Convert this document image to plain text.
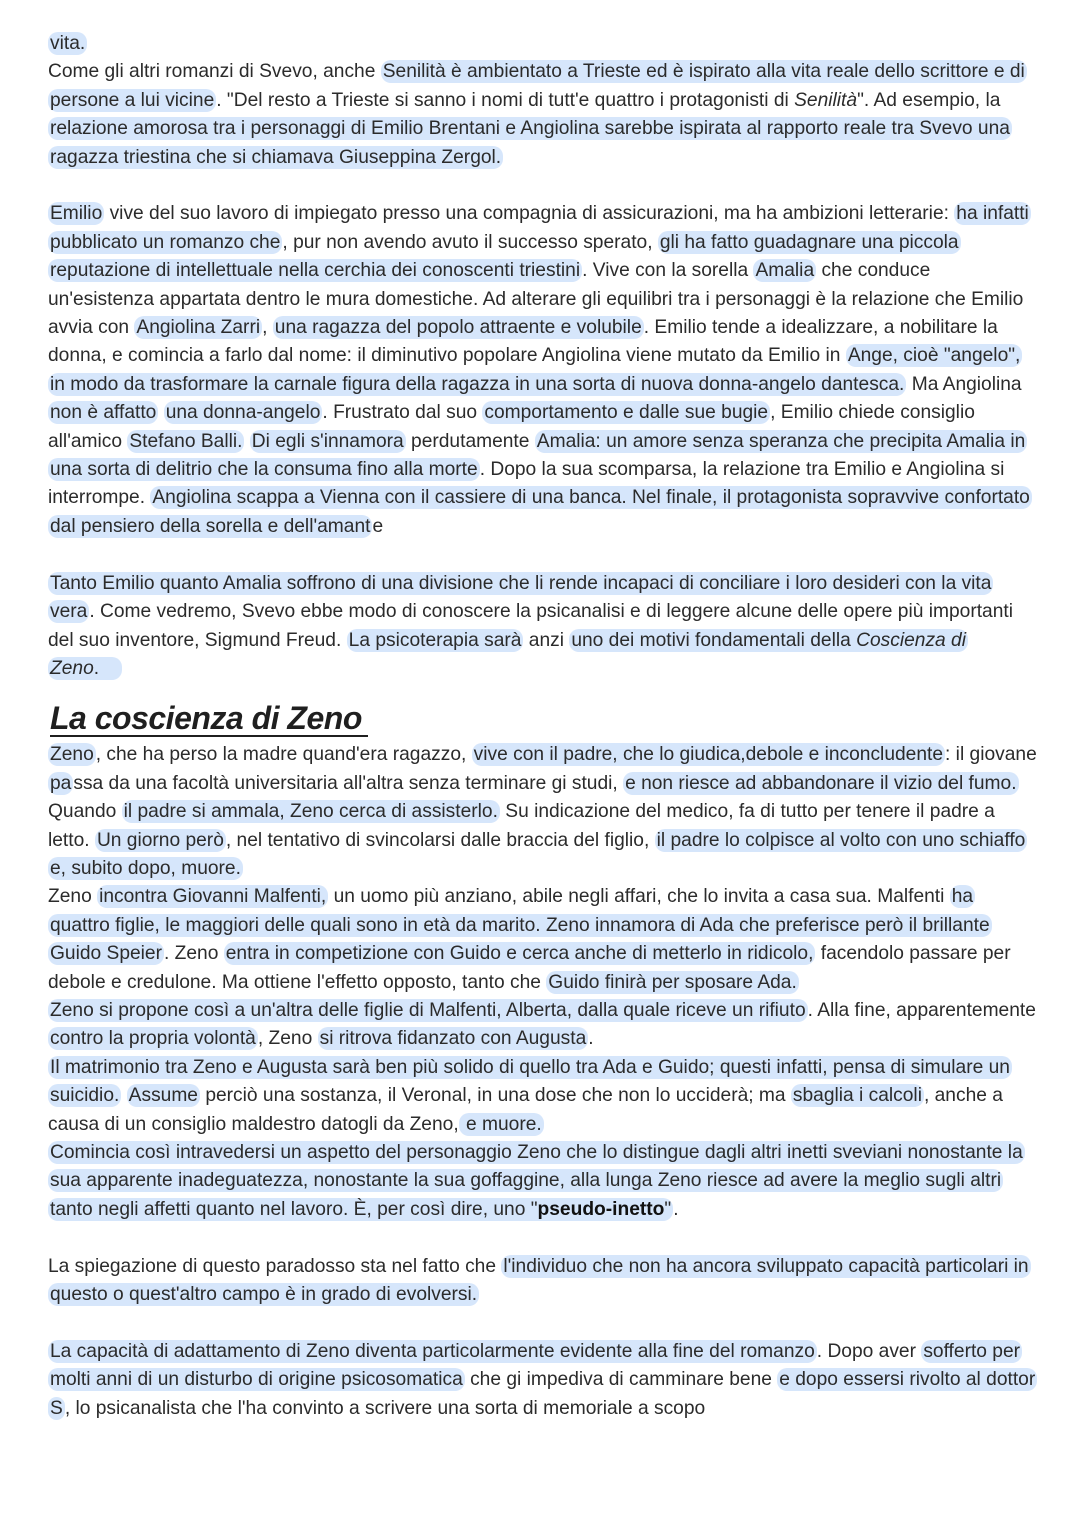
vita.
Come gli altri romanzi di Svevo, anche Senilità è ambientato a Trieste ed è ispirato alla vita reale dello scrittore e di persone a lui vicine . "Del resto a Trieste si sanno i nomi di tutt'e quattro i protagonisti di Senilità". Ad esempio, la relazione amorosa tra i personaggi di Emilio Brentani e Angiolina sarebbe ispirata al rapporto reale tra Svevo una ragazza triestina che si chiamava Giuseppina Zergol.

Emilio vive del suo lavoro di impiegato presso una compagnia di assicurazioni, ma ha ambizioni letterarie: ha infatti pubblicato un romanzo che , pur non avendo avuto il successo sperato, gli ha fatto guadagnare una piccola reputazione di intellettuale nella cerchia dei conoscenti triestini . Vive con la sorella Amalia che conduce un'esistenza appartata dentro le mura domestiche. Ad alterare gli equilibri tra i personaggi è la relazione che Emilio avvia con Angiolina Zarri , una ragazza del popolo attraente e volubile . Emilio tende a idealizzare, a nobilitare la donna, e comincia a farlo dal nome: il diminutivo popolare Angiolina viene mutato da Emilio in Ange, cioè "angelo", in modo da trasformare la carnale figura della ragazza in una sorta di nuova donna-angelo dantesca. Ma Angiolina non è affatto una donna-angelo . Frustrato dal suo comportamento e dalle sue bugie , Emilio chiede consiglio all'amico Stefano Balli. Di egli s'innamora perdutamente Amalia: un amore senza speranza che precipita Amalia in una sorta di delitrio che la consuma fino alla morte . Dopo la sua scomparsa, la relazione tra Emilio e Angiolina si interrompe. Angiolina scappa a Vienna con il cassiere di una banca. Nel finale, il protagonista sopravvive confortato dal pensiero della sorella e dell'amant e

Tanto Emilio quanto Amalia soffrono di una divisione che li rende incapaci di conciliare i loro desideri con la vita vera . Come vedremo, Svevo ebbe modo di conoscere la psicanalisi e di leggere alcune delle opere più importanti del suo inventore, Sigmund Freud. La psicoterapia sarà anzi uno dei motivi fondamentali della Coscienza di Zeno.

La coscienza di Zeno

Zeno , che ha perso la madre quand'era ragazzo, vive con il padre, che lo giudica,debole e inconcludente : il giovane pa ssa da una facoltà universitaria all'altra senza terminare gi studi, e non riesce ad abbandonare il vizio del fumo. Quando il padre si ammala, Zeno cerca di assisterlo. Su indicazione del medico, fa di tutto per tenere il padre a letto. Un giorno però , nel tentativo di svincolarsi dalle braccia del figlio, il padre lo colpisce al volto con uno schiaffo e, subito dopo, muore.
Zeno incontra Giovanni Malfenti, un uomo più anziano, abile negli affari, che lo invita a casa sua. Malfenti ha quattro figlie, le maggiori delle quali sono in età da marito. Zeno innamora di Ada che preferisce però il brillante Guido Speier . Zeno entra in competizione con Guido e cerca anche di metterlo in ridicolo, facendolo passare per debole e credulone. Ma ottiene l'effetto opposto, tanto che Guido finirà per sposare Ada.
Zeno si propone così a un'altra delle figlie di Malfenti, Alberta, dalla quale riceve un rifiuto . Alla fine, apparentemente contro la propria volontà , Zeno si ritrova fidanzato con Augusta .
Il matrimonio tra Zeno e Augusta sarà ben più solido di quello tra Ada e Guido; questi infatti, pensa di simulare un suicidio. Assume perciò una sostanza, il Veronal, in una dose che non lo ucciderà; ma sbaglia i calcoli , anche a causa di un consiglio maldestro datogli da Zeno, e muore.
Comincia così intravedersi un aspetto del personaggio Zeno che lo distingue dagli altri inetti sveviani nonostante la sua apparente inadeguatezza, nonostante la sua goffaggine, alla lunga Zeno riesce ad avere la meglio sugli altri tanto negli affetti quanto nel lavoro. È, per così dire, uno "pseudo-inetto" .

La spiegazione di questo paradosso sta nel fatto che l'individuo che non ha ancora sviluppato capacità particolari in questo o quest'altro campo è in grado di evolversi.

La capacità di adattamento di Zeno diventa particolarmente evidente alla fine del romanzo . Dopo aver sofferto per molti anni di un disturbo di origine psicosomatica che gi impediva di camminare bene e dopo essersi rivolto al dottor S , lo psicanalista che l'ha convinto a scrivere una sorta di memoriale a scopo
